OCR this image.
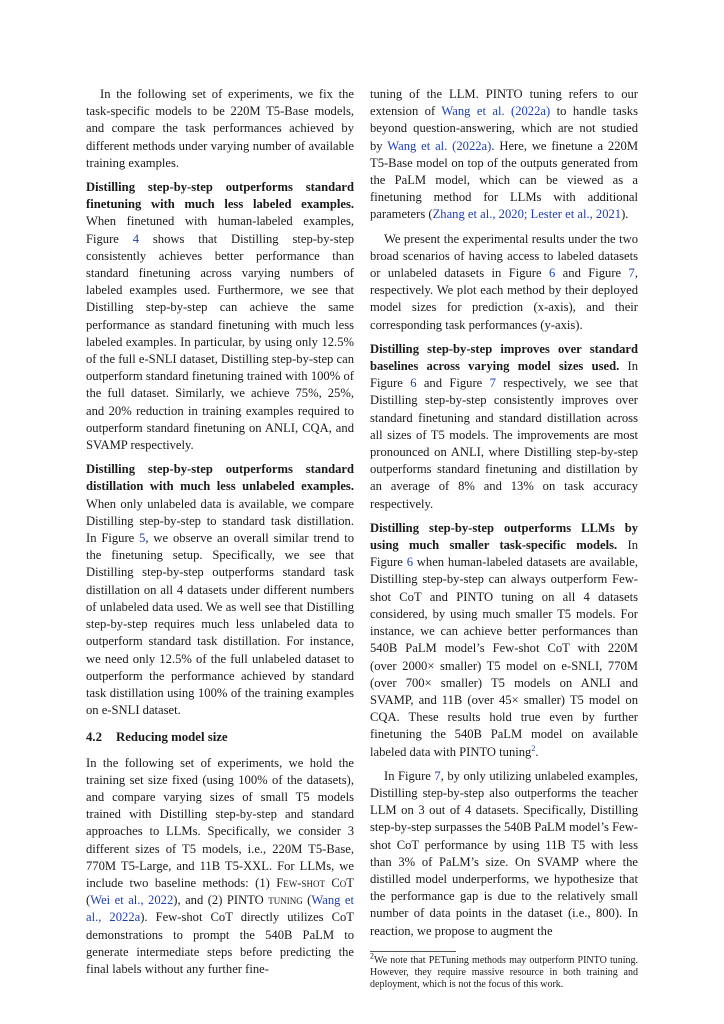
In the following set of experiments, we fix the task-specific models to be 220M T5-Base models, and compare the task performances achieved by different methods under varying number of available training examples.

Distilling step-by-step outperforms standard finetuning with much less labeled examples. When finetuned with human-labeled examples, Figure 4 shows that Distilling step-by-step consistently achieves better performance than standard finetuning across varying numbers of labeled examples used. Furthermore, we see that Distilling step-by-step can achieve the same performance as standard finetuning with much less labeled examples. In particular, by using only 12.5% of the full e-SNLI dataset, Distilling step-by-step can outperform standard finetuning trained with 100% of the full dataset. Similarly, we achieve 75%, 25%, and 20% reduction in training examples required to outperform standard finetuning on ANLI, CQA, and SVAMP respectively.

Distilling step-by-step outperforms standard distillation with much less unlabeled examples. When only unlabeled data is available, we compare Distilling step-by-step to standard task distillation. In Figure 5, we observe an overall similar trend to the finetuning setup. Specifically, we see that Distilling step-by-step outperforms standard task distillation on all 4 datasets under different numbers of unlabeled data used. We as well see that Distilling step-by-step requires much less unlabeled data to outperform standard task distillation. For instance, we need only 12.5% of the full unlabeled dataset to outperform the performance achieved by standard task distillation using 100% of the training examples on e-SNLI dataset.

4.2 Reducing model size

In the following set of experiments, we hold the training set size fixed (using 100% of the datasets), and compare varying sizes of small T5 models trained with Distilling step-by-step and standard approaches to LLMs. Specifically, we consider 3 different sizes of T5 models, i.e., 220M T5-Base, 770M T5-Large, and 11B T5-XXL. For LLMs, we include two baseline methods: (1) Few-shot CoT (Wei et al., 2022), and (2) PINTO tuning (Wang et al., 2022a). Few-shot CoT directly utilizes CoT demonstrations to prompt the 540B PaLM to generate intermediate steps before predicting the final labels without any further fine-

tuning of the LLM. PINTO tuning refers to our extension of Wang et al. (2022a) to handle tasks beyond question-answering, which are not studied by Wang et al. (2022a). Here, we finetune a 220M T5-Base model on top of the outputs generated from the PaLM model, which can be viewed as a finetuning method for LLMs with additional parameters (Zhang et al., 2020; Lester et al., 2021).

We present the experimental results under the two broad scenarios of having access to labeled datasets or unlabeled datasets in Figure 6 and Figure 7, respectively. We plot each method by their deployed model sizes for prediction (x-axis), and their corresponding task performances (y-axis).

Distilling step-by-step improves over standard baselines across varying model sizes used. In Figure 6 and Figure 7 respectively, we see that Distilling step-by-step consistently improves over standard finetuning and standard distillation across all sizes of T5 models. The improvements are most pronounced on ANLI, where Distilling step-by-step outperforms standard finetuning and distillation by an average of 8% and 13% on task accuracy respectively.

Distilling step-by-step outperforms LLMs by using much smaller task-specific models. In Figure 6 when human-labeled datasets are available, Distilling step-by-step can always outperform Few-shot CoT and PINTO tuning on all 4 datasets considered, by using much smaller T5 models. For instance, we can achieve better performances than 540B PaLM model’s Few-shot CoT with 220M (over 2000× smaller) T5 model on e-SNLI, 770M (over 700× smaller) T5 models on ANLI and SVAMP, and 11B (over 45× smaller) T5 model on CQA. These results hold true even by further finetuning the 540B PaLM model on available labeled data with PINTO tuning$^2$.

In Figure 7, by only utilizing unlabeled examples, Distilling step-by-step also outperforms the teacher LLM on 3 out of 4 datasets. Specifically, Distilling step-by-step surpasses the 540B PaLM model’s Few-shot CoT performance by using 11B T5 with less than 3% of PaLM’s size. On SVAMP where the distilled model underperforms, we hypothesize that the performance gap is due to the relatively small number of data points in the dataset (i.e., 800). In reaction, we propose to augment the

$^2$We note that PETuning methods may outperform PINTO tuning. However, they require massive resource in both training and deployment, which is not the focus of this work.
